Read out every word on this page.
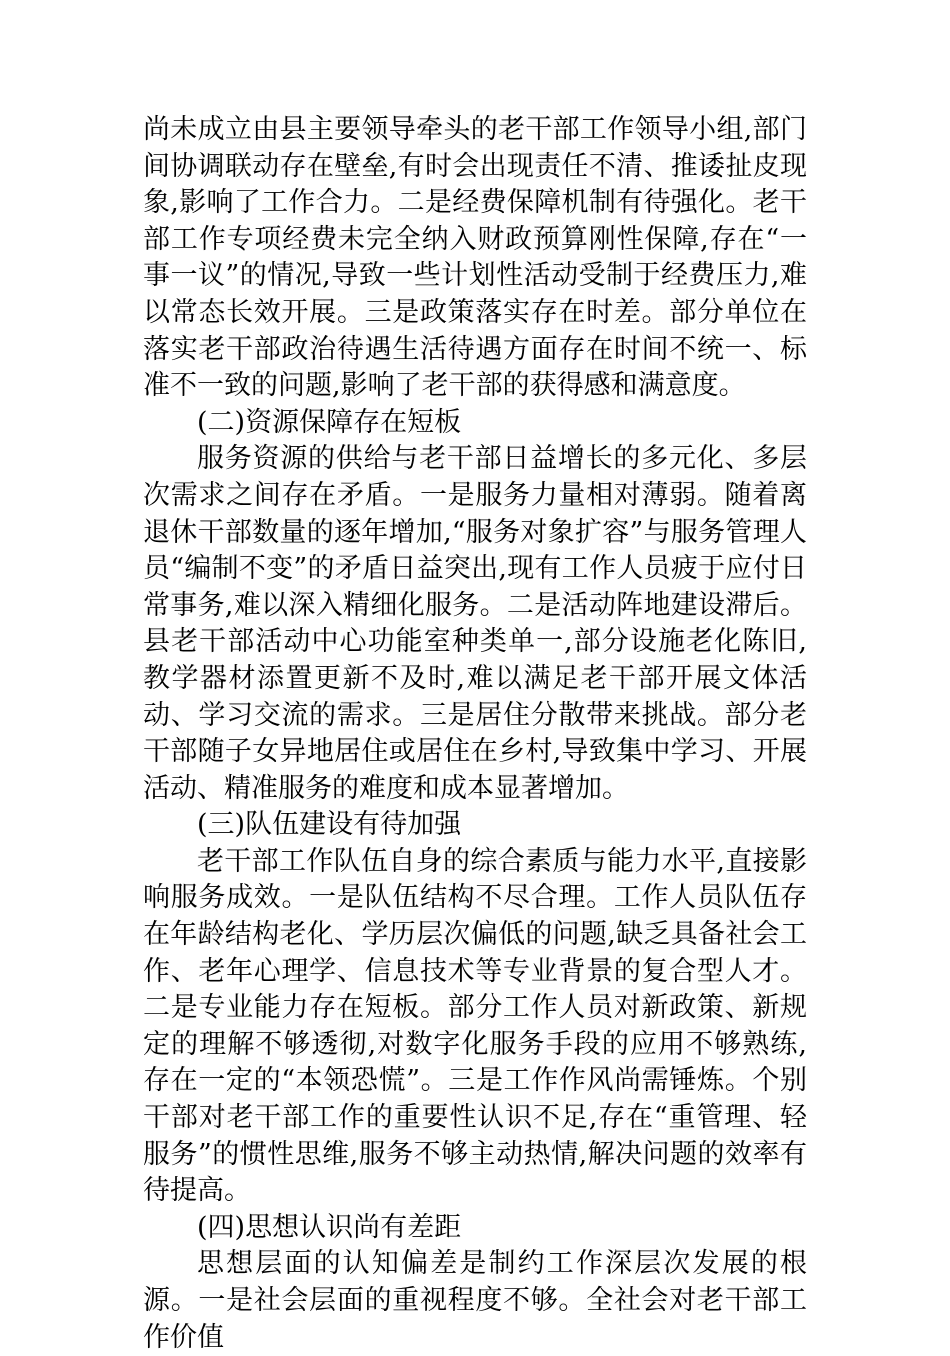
尚未成立由县主要领导牵头的老干部工作领导小组,部门间协调联动存在壁垒,有时会出现责任不清、推诿扯皮现象,影响了工作合力。二是经费保障机制有待强化。老干部工作专项经费未完全纳入财政预算刚性保障,存在“一事一议”的情况,导致一些计划性活动受制于经费压力,难以常态长效开展。三是政策落实存在时差。部分单位在落实老干部政治待遇生活待遇方面存在时间不统一、标准不一致的问题,影响了老干部的获得感和满意度。

(二)资源保障存在短板

服务资源的供给与老干部日益增长的多元化、多层次需求之间存在矛盾。一是服务力量相对薄弱。随着离退休干部数量的逐年增加,“服务对象扩容”与服务管理人员“编制不变”的矛盾日益突出,现有工作人员疲于应付日常事务,难以深入精细化服务。二是活动阵地建设滞后。县老干部活动中心功能室种类单一,部分设施老化陈旧,教学器材添置更新不及时,难以满足老干部开展文体活动、学习交流的需求。三是居住分散带来挑战。部分老干部随子女异地居住或居住在乡村,导致集中学习、开展活动、精准服务的难度和成本显著增加。

(三)队伍建设有待加强

老干部工作队伍自身的综合素质与能力水平,直接影响服务成效。一是队伍结构不尽合理。工作人员队伍存在年龄结构老化、学历层次偏低的问题,缺乏具备社会工作、老年心理学、信息技术等专业背景的复合型人才。二是专业能力存在短板。部分工作人员对新政策、新规定的理解不够透彻,对数字化服务手段的应用不够熟练,存在一定的“本领恐慌”。三是工作作风尚需锤炼。个别干部对老干部工作的重要性认识不足,存在“重管理、轻服务”的惯性思维,服务不够主动热情,解决问题的效率有待提高。

(四)思想认识尚有差距

思想层面的认知偏差是制约工作深层次发展的根源。一是社会层面的重视程度不够。全社会对老干部工作价值
